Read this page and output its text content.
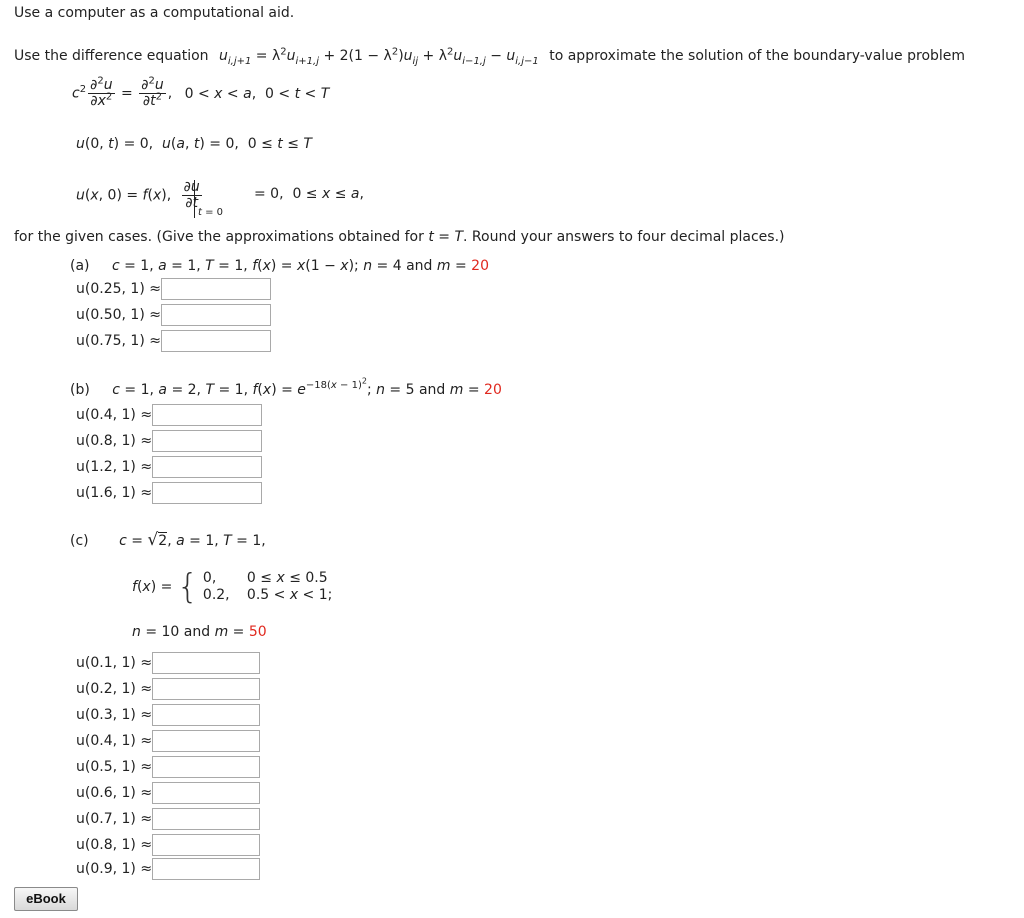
Use a computer as a computational aid.
Use the difference equation $u_{i,j+1} = \lambda^2u_{i+1,j} + 2(1 - \lambda^2)u_{ij} + \lambda^2u_{i-1,j} - u_{i,j-1}$ to approximate the solution of the boundary-value problem
$c^2 \frac{\partial^2u}{\partial x^2} = \frac{\partial^2u}{\partial t^2}$ , 0 < x < a,  0 < t < T
u(0, t) = 0,  u(a, t) = 0,  0 ≤ t ≤ T
u(x, 0) = f(x), $\frac{\partial u}{\partial t}$
t = 0
= 0,  0 ≤ x ≤ a,
for the given cases. (Give the approximations obtained for t = T. Round your answers to four decimal places.)
(a) c = 1, a = 1, T = 1, f(x) = x(1 − x); n = 4 and m = 20
u(0.25, 1) ≈
u(0.50, 1) ≈
u(0.75, 1) ≈
(b) c = 1, a = 2, T = 1, $f(x) = e^{-18(x - 1)^2}$; n = 5 and m = 20
u(0.4, 1) ≈
u(0.8, 1) ≈
u(1.2, 1) ≈
u(1.6, 1) ≈
(c) c = √2, a = 1, T = 1,
f(x) = { 0, 0 ≤ x ≤ 0.5
0.2, 0.5 < x < 1;
n = 10 and m = 50
u(0.1, 1) ≈
u(0.2, 1) ≈
u(0.3, 1) ≈
u(0.4, 1) ≈
u(0.5, 1) ≈
u(0.6, 1) ≈
u(0.7, 1) ≈
u(0.8, 1) ≈
u(0.9, 1) ≈
eBook
